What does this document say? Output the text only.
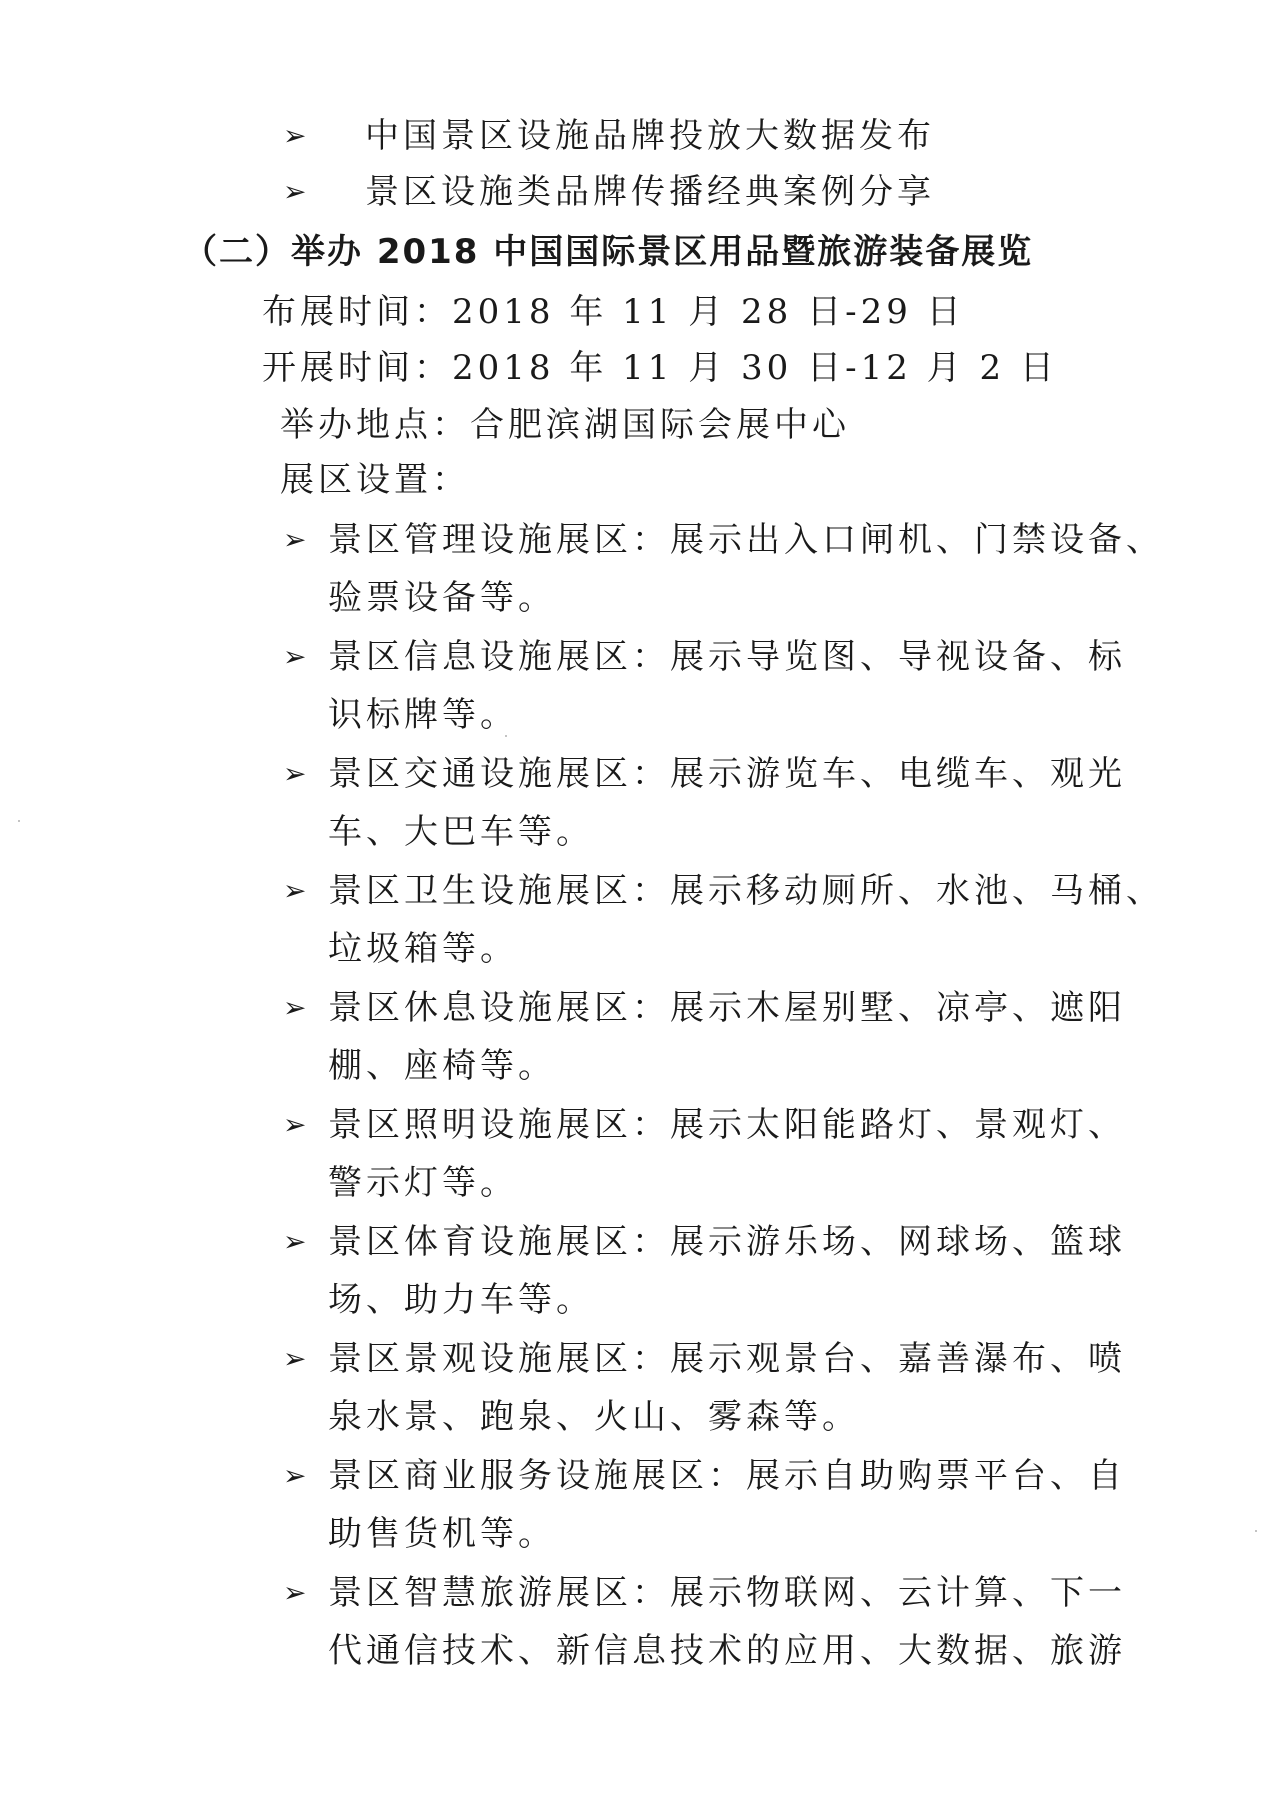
➢ 中国景区设施品牌投放大数据发布
➢ 景区设施类品牌传播经典案例分享
（二）举办 2018 中国国际景区用品暨旅游装备展览
布展时间：2018 年 11 月 28 日-29 日
开展时间：2018 年 11 月 30 日-12 月 2 日
举办地点：合肥滨湖国际会展中心
展区设置：
➢ 景区管理设施展区：展示出入口闸机、门禁设备、
验票设备等。
➢ 景区信息设施展区：展示导览图、导视设备、标
识标牌等。
➢ 景区交通设施展区：展示游览车、电缆车、观光
车、大巴车等。
➢ 景区卫生设施展区：展示移动厕所、水池、马桶、
垃圾箱等。
➢ 景区休息设施展区：展示木屋别墅、凉亭、遮阳
棚、座椅等。
➢ 景区照明设施展区：展示太阳能路灯、景观灯、
警示灯等。
➢ 景区体育设施展区：展示游乐场、网球场、篮球
场、助力车等。
➢ 景区景观设施展区：展示观景台、嘉善瀑布、喷
泉水景、跑泉、火山、雾森等。
➢ 景区商业服务设施展区：展示自助购票平台、自
助售货机等。
➢ 景区智慧旅游展区：展示物联网、云计算、下一
代通信技术、新信息技术的应用、大数据、旅游
